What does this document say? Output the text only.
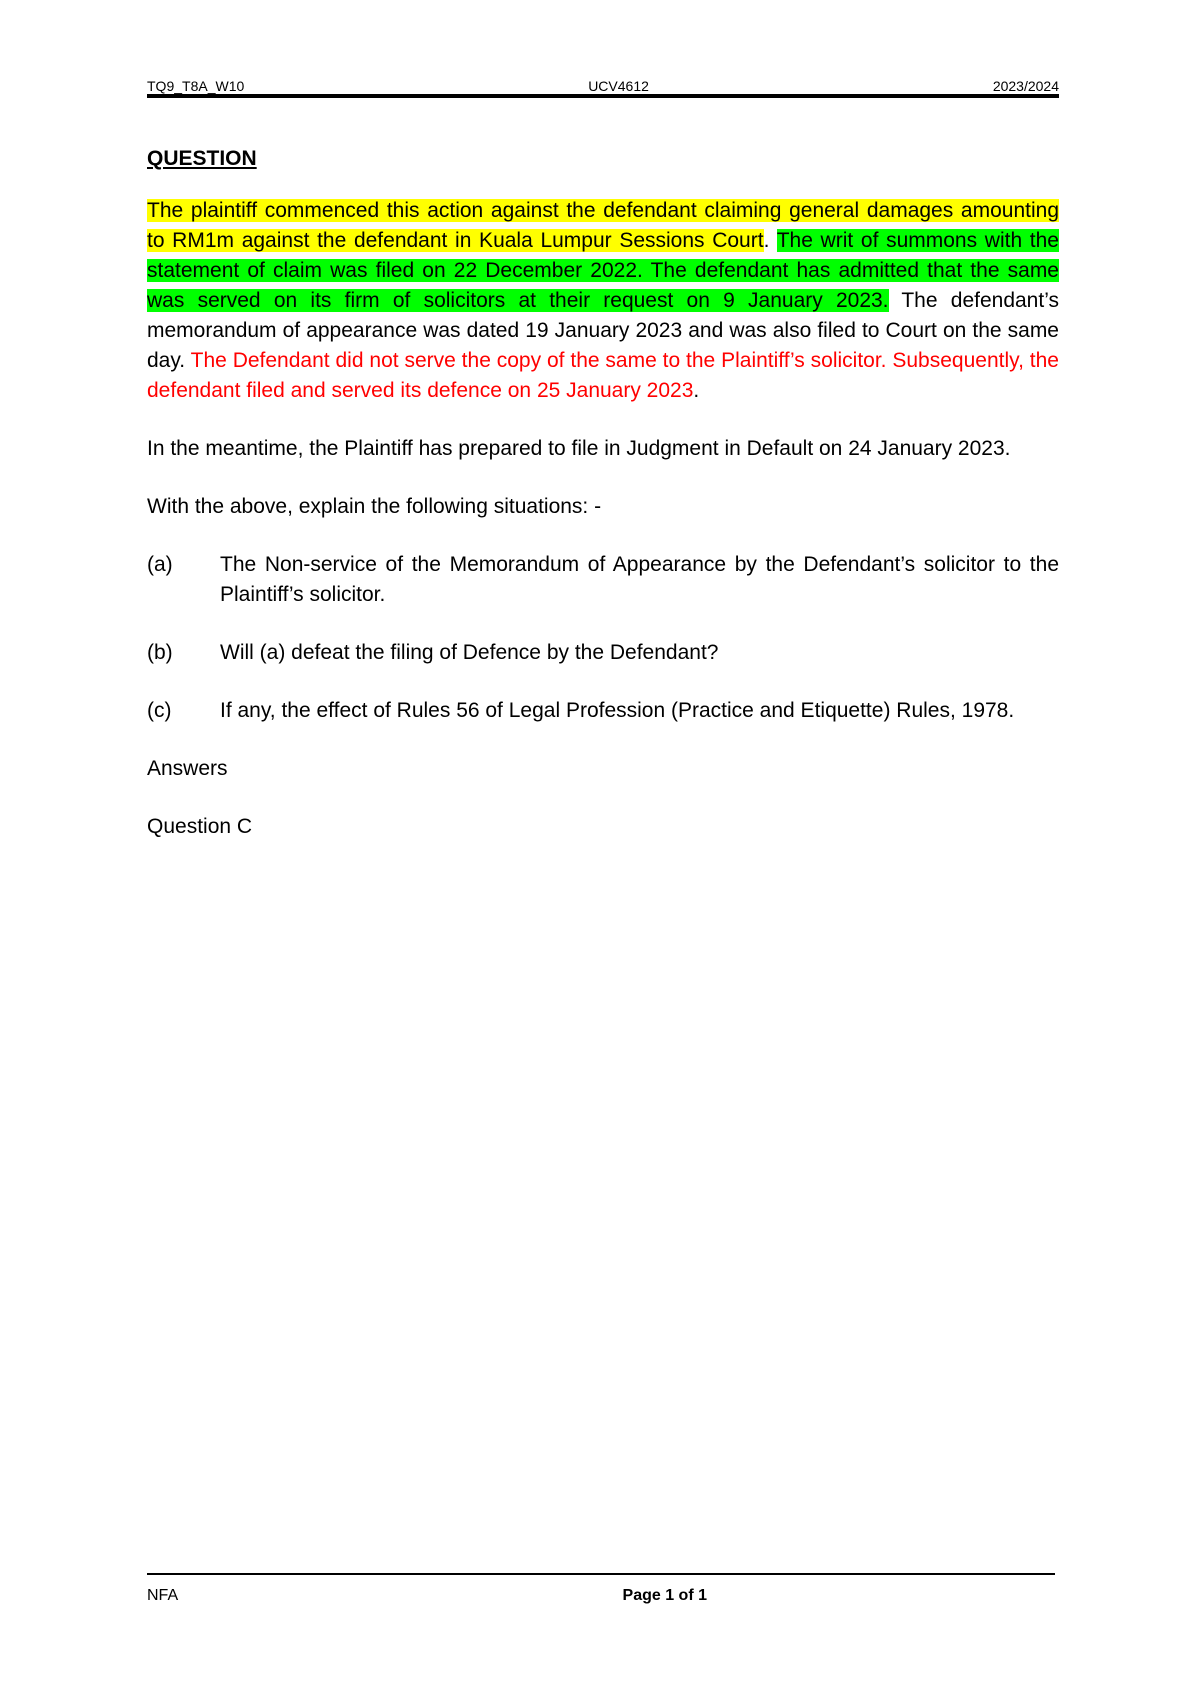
TQ9_T8A_W10	UCV4612	2023/2024
QUESTION

The plaintiff commenced this action against the defendant claiming general damages amounting to RM1m against the defendant in Kuala Lumpur Sessions Court. The writ of summons with the statement of claim was filed on 22 December 2022. The defendant has admitted that the same was served on its firm of solicitors at their request on 9 January 2023. The defendant’s memorandum of appearance was dated 19 January 2023 and was also filed to Court on the same day. The Defendant did not serve the copy of the same to the Plaintiff’s solicitor. Subsequently, the defendant filed and served its defence on 25 January 2023.

In the meantime, the Plaintiff has prepared to file in Judgment in Default on 24 January 2023.

With the above, explain the following situations: -

(a)	The Non-service of the Memorandum of Appearance by the Defendant’s solicitor to the Plaintiff’s solicitor.
(b)	Will (a) defeat the filing of Defence by the Defendant?
(c)	If any, the effect of Rules 56 of Legal Profession (Practice and Etiquette) Rules, 1978.

Answers

Question C

NFA	Page 1 of 1
